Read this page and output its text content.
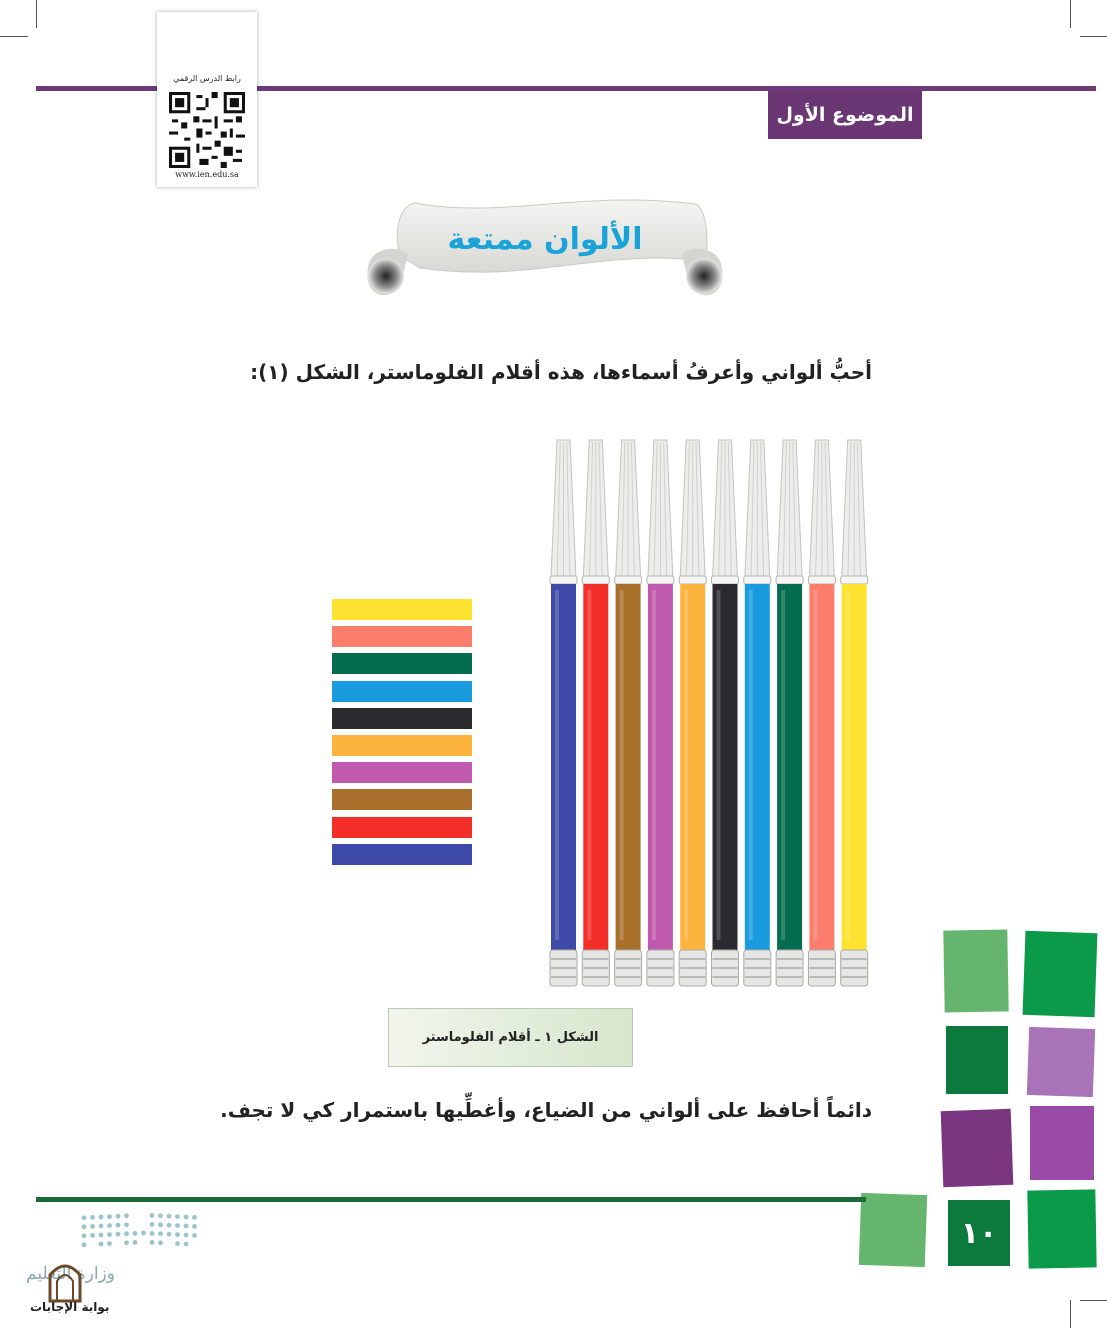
الموضوع الأول
رابط الدرس الرقمي
www.ien.edu.sa
الألوان ممتعة
أحبُّ ألواني وأعرفُ أسماءها، هذه أقلام الفلوماستر، الشكل (١):
الشكل ١ ـ أقلام الفلوماستر
دائماً أحافظ على ألواني من الضياع، وأغطِّيها باستمرار كي لا تجف.
١٠
وزارة التعليم
بوابة الإجابات
